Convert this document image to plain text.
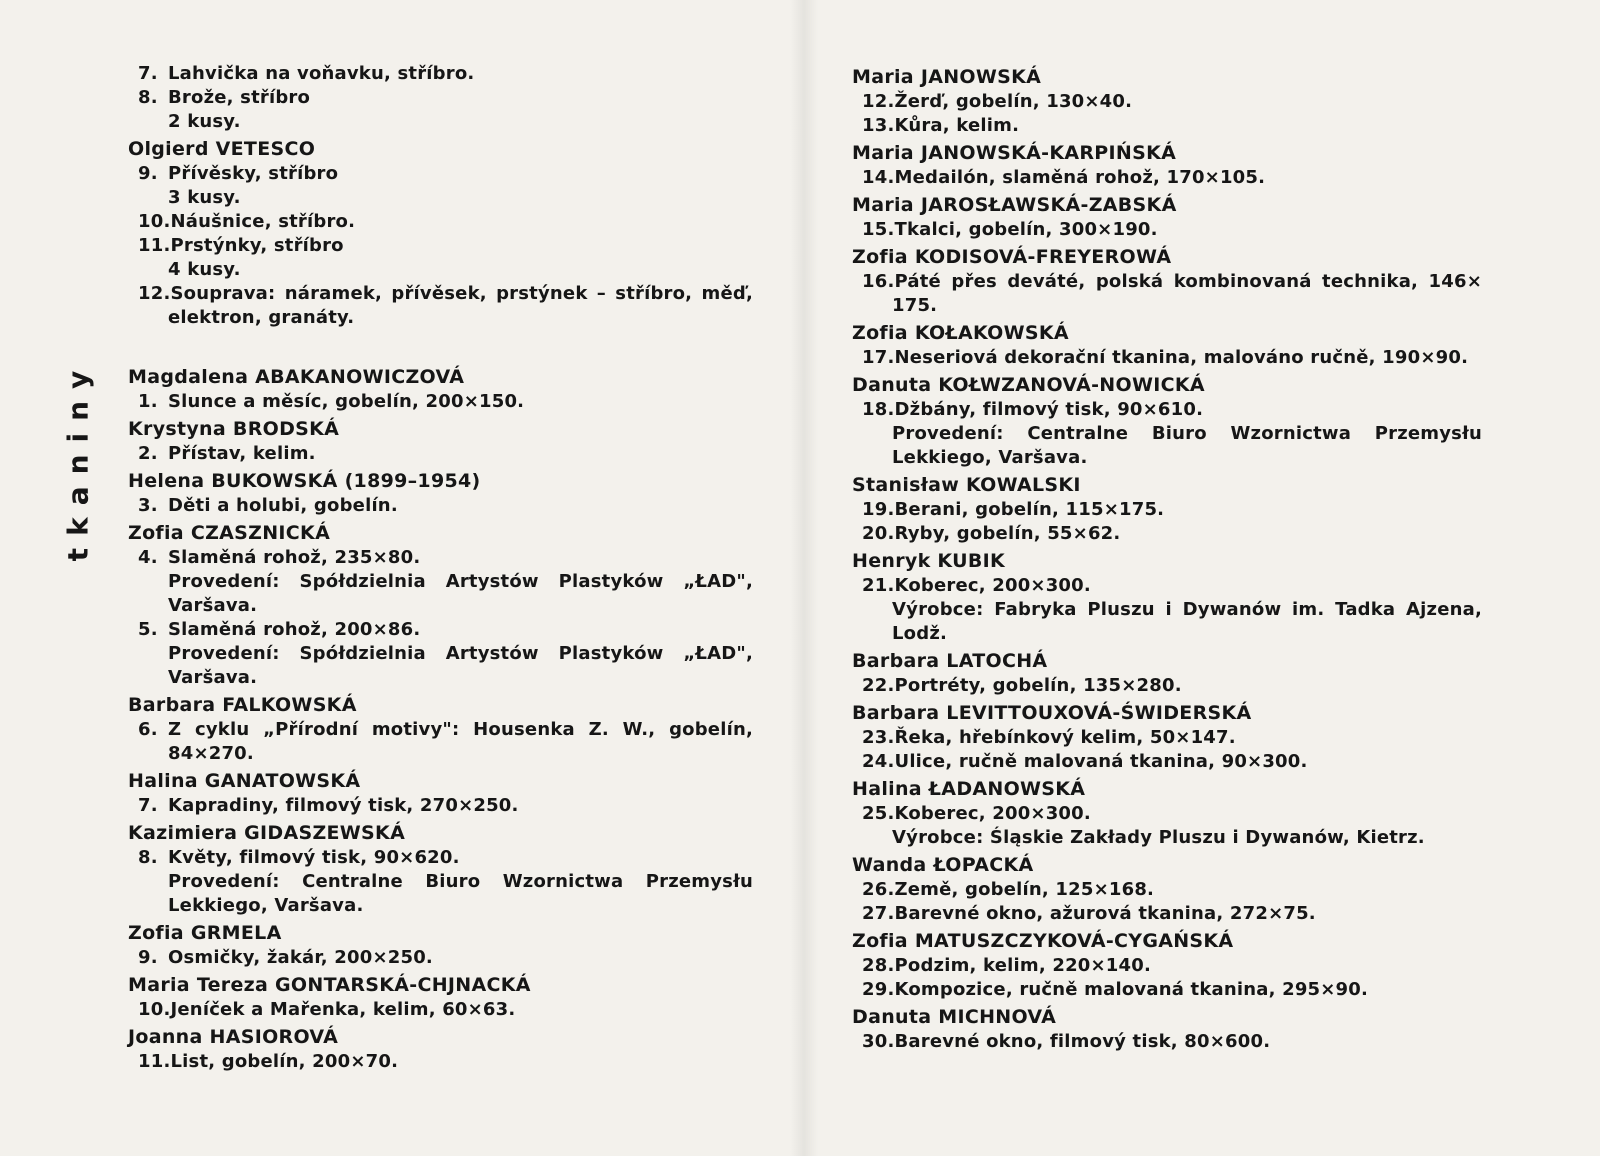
tkaniny
7. Lahvička na voňavku, stříbro.
8. Brože, stříbro
2 kusy.
Olgierd VETESCO
9. Přívěsky, stříbro
3 kusy.
10.Náušnice, stříbro.
11.Prstýnky, stříbro
4 kusy.
12.Souprava: náramek, přívěsek, prstýnek – stříbro, měď, elektron, granáty.
Magdalena ABAKANOWICZOVÁ
1. Slunce a měsíc, gobelín, 200×150.
Krystyna BRODSKÁ
2. Přístav, kelim.
Helena BUKOWSKÁ (1899–1954)
3. Děti a holubi, gobelín.
Zofia CZASZNICKÁ
4. Slaměná rohož, 235×80.
Provedení: Spółdzielnia Artystów Plastyków „ŁAD", Varšava.
5. Slaměná rohož, 200×86.
Provedení: Spółdzielnia Artystów Plastyków „ŁAD", Varšava.
Barbara FALKOWSKÁ
6. Z cyklu „Přírodní motivy": Housenka Z. W., gobelín, 84×270.
Halina GANATOWSKÁ
7. Kapradiny, filmový tisk, 270×250.
Kazimiera GIDASZEWSKÁ
8. Květy, filmový tisk, 90×620.
Provedení: Centralne Biuro Wzornictwa Przemysłu Lekkiego, Varšava.
Zofia GRMELA
9. Osmičky, žakár, 200×250.
Maria Tereza GONTARSKÁ-CHJNACKÁ
10.Jeníček a Mařenka, kelim, 60×63.
Joanna HASIOROVÁ
11.List, gobelín, 200×70.
Maria JANOWSKÁ
12.Žerď, gobelín, 130×40.
13.Kůra, kelim.
Maria JANOWSKÁ-KARPIŃSKÁ
14.Medailón, slaměná rohož, 170×105.
Maria JAROSŁAWSKÁ-ZABSKÁ
15.Tkalci, gobelín, 300×190.
Zofia KODISOVÁ-FREYEROWÁ
16.Páté přes deváté, polská kombinovaná technika, 146× 175.
Zofia KOŁAKOWSKÁ
17.Neseriová dekorační tkanina, malováno ručně, 190×90.
Danuta KOŁWZANOVÁ-NOWICKÁ
18.Džbány, filmový tisk, 90×610.
Provedení: Centralne Biuro Wzornictwa Przemysłu Lekkiego, Varšava.
Stanisław KOWALSKI
19.Berani, gobelín, 115×175.
20.Ryby, gobelín, 55×62.
Henryk KUBIK
21.Koberec, 200×300.
Výrobce: Fabryka Pluszu i Dywanów im. Tadka Ajzena, Lodž.
Barbara LATOCHÁ
22.Portréty, gobelín, 135×280.
Barbara LEVITTOUXOVÁ-ŚWIDERSKÁ
23.Řeka, hřebínkový kelim, 50×147.
24.Ulice, ručně malovaná tkanina, 90×300.
Halina ŁADANOWSKÁ
25.Koberec, 200×300.
Výrobce: Śląskie Zakłady Pluszu i Dywanów, Kietrz.
Wanda ŁOPACKÁ
26.Země, gobelín, 125×168.
27.Barevné okno, ažurová tkanina, 272×75.
Zofia MATUSZCZYKOVÁ-CYGAŃSKÁ
28.Podzim, kelim, 220×140.
29.Kompozice, ručně malovaná tkanina, 295×90.
Danuta MICHNOVÁ
30.Barevné okno, filmový tisk, 80×600.
